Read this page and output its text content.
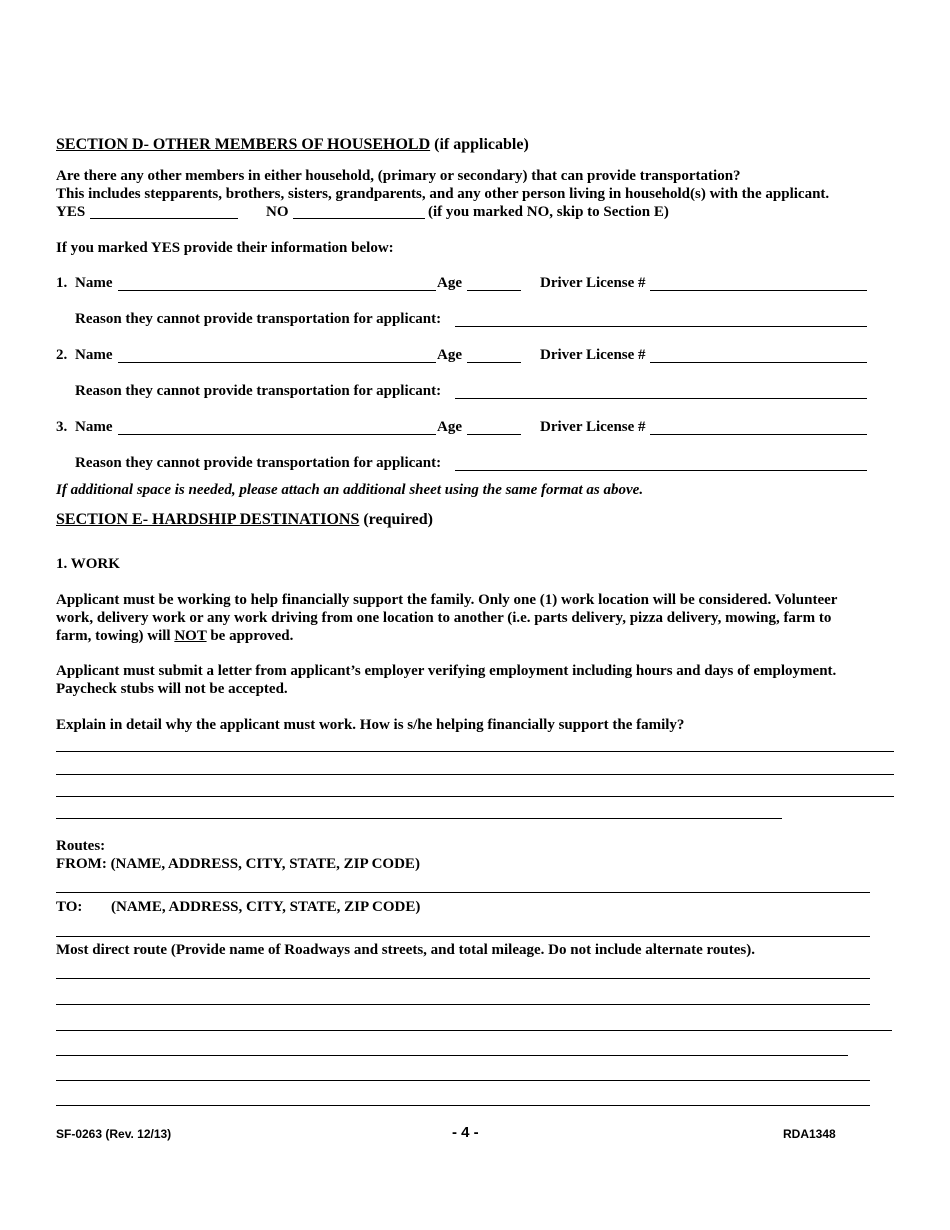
SECTION D- OTHER MEMBERS OF HOUSEHOLD (if applicable)
Are there any other members in either household, (primary or secondary) that can provide transportation?
This includes stepparents, brothers, sisters, grandparents, and any other person living in household(s) with the applicant.
YES	NO	(if you marked NO, skip to Section E)
If you marked YES provide their information below:
1. Name	Age	Driver License #
Reason they cannot provide transportation for applicant:
2. Name	Age	Driver License #
Reason they cannot provide transportation for applicant:
3. Name	Age	Driver License #
Reason they cannot provide transportation for applicant:
If additional space is needed, please attach an additional sheet using the same format as above.
SECTION E- HARDSHIP DESTINATIONS (required)
1. WORK
Applicant must be working to help financially support the family. Only one (1) work location will be considered. Volunteer
work, delivery work or any work driving from one location to another (i.e. parts delivery, pizza delivery, mowing, farm to
farm, towing) will NOT be approved.
Applicant must submit a letter from applicant’s employer verifying employment including hours and days of employment.
Paycheck stubs will not be accepted.
Explain in detail why the applicant must work. How is s/he helping financially support the family?
Routes:
FROM: (NAME, ADDRESS, CITY, STATE, ZIP CODE)
TO: (NAME, ADDRESS, CITY, STATE, ZIP CODE)
Most direct route (Provide name of Roadways and streets, and total mileage. Do not include alternate routes).
SF-0263 (Rev. 12/13)	- 4 -	RDA1348
